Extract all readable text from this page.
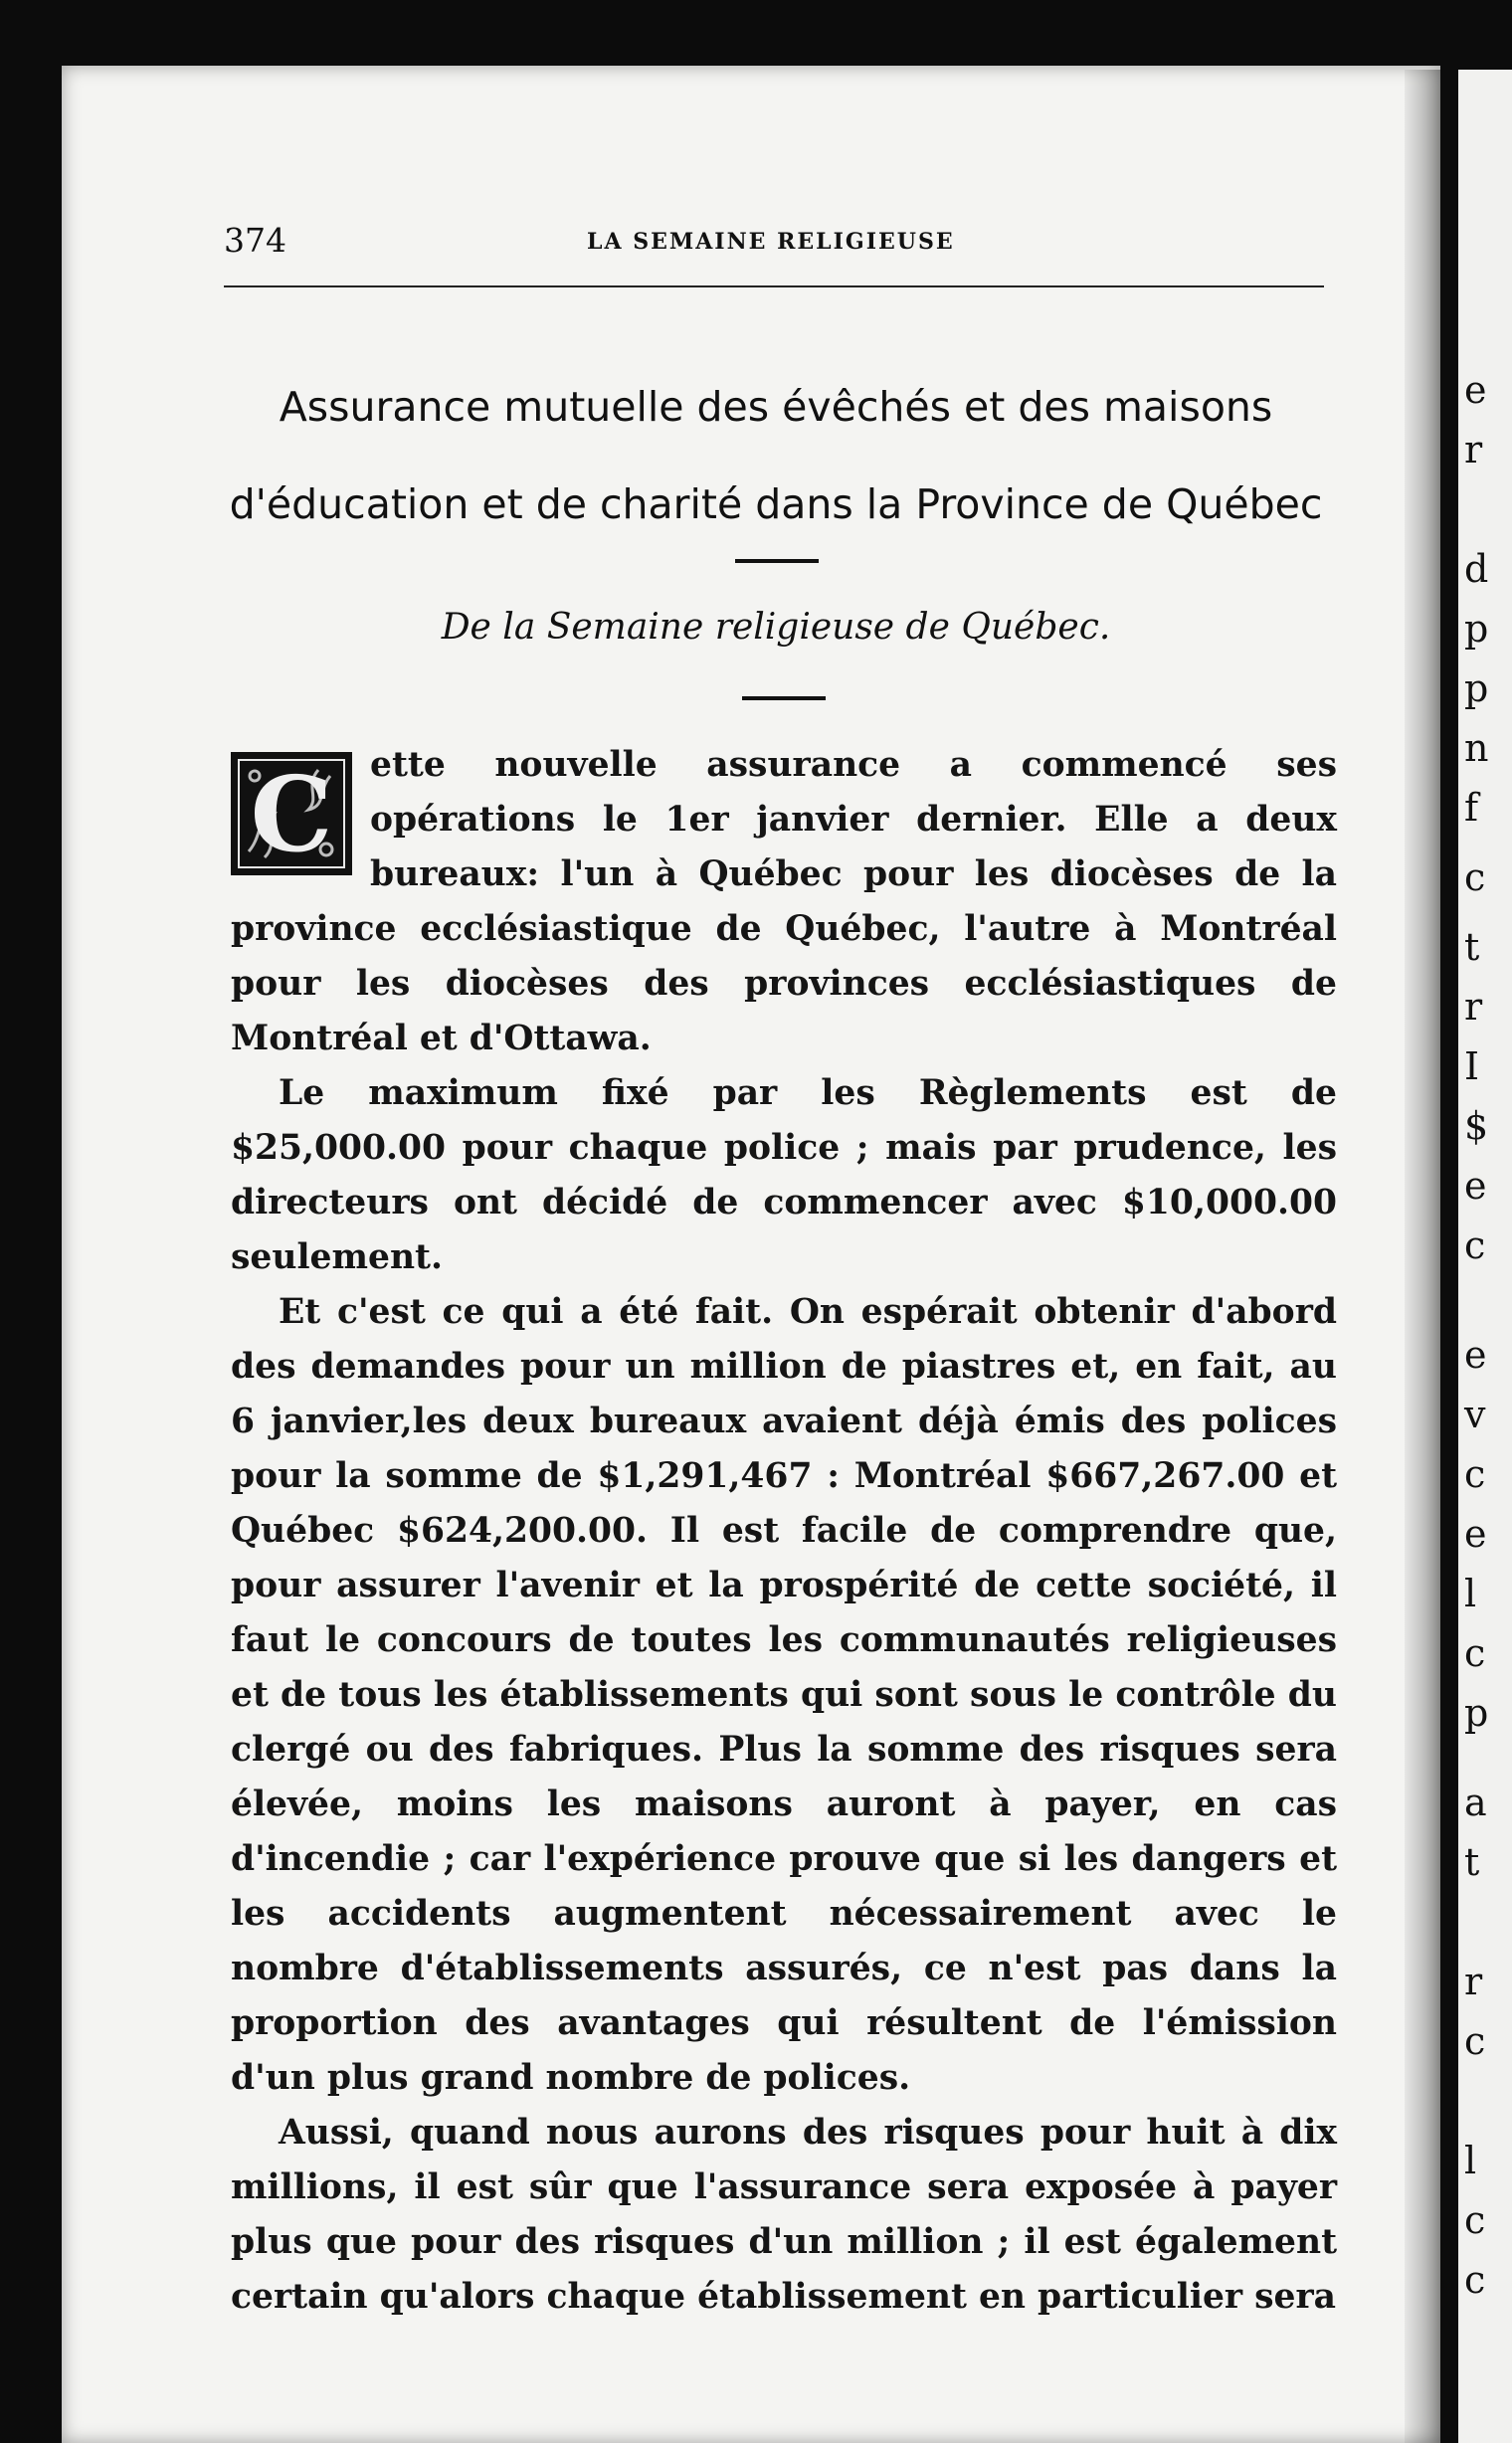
e
r
d
p
p
n
f
c
t
r
I
$
e
c
e
v
c
e
l
c
p
a
t
r
c
l
c
c
374	LA SEMAINE RELIGIEUSE
Assurance mutuelle des évêchés et des maisons
d'éducation et de charité dans la Province de Québec
De la Semaine religieuse de Québec.

C	ette nouvelle assurance a commencé ses opérations le 1er janvier dernier. Elle a deux bureaux: l'un à Québec pour les diocèses de la province ecclésiastique de Québec, l'autre à Montréal pour les diocèses des provinces ecclésiastiques de Montréal et d'Ottawa.

Le maximum fixé par les Règlements est de $25,000.00 pour chaque police ; mais par prudence, les directeurs ont décidé de commencer avec $10,000.00 seulement.

Et c'est ce qui a été fait. On espérait obtenir d'abord des demandes pour un million de piastres et, en fait, au 6 janvier,les deux bureaux avaient déjà émis des polices pour la somme de $1,291,467 : Montréal $667,267.00 et Québec $624,200.00. Il est facile de comprendre que, pour assurer l'avenir et la prospérité de cette société, il faut le concours de toutes les communautés religieuses et de tous les établissements qui sont sous le contrôle du clergé ou des fabriques. Plus la somme des risques sera élevée, moins les maisons auront à payer, en cas d'incendie ; car l'expérience prouve que si les dangers et les accidents augmentent nécessairement avec le nombre d'établissements assurés, ce n'est pas dans la proportion des avantages qui résultent de l'émission d'un plus grand nombre de polices.

Aussi, quand nous aurons des risques pour huit à dix millions, il est sûr que l'assurance sera exposée à payer plus que pour des risques d'un million ; il est également certain qu'alors chaque établissement en particulier sera
